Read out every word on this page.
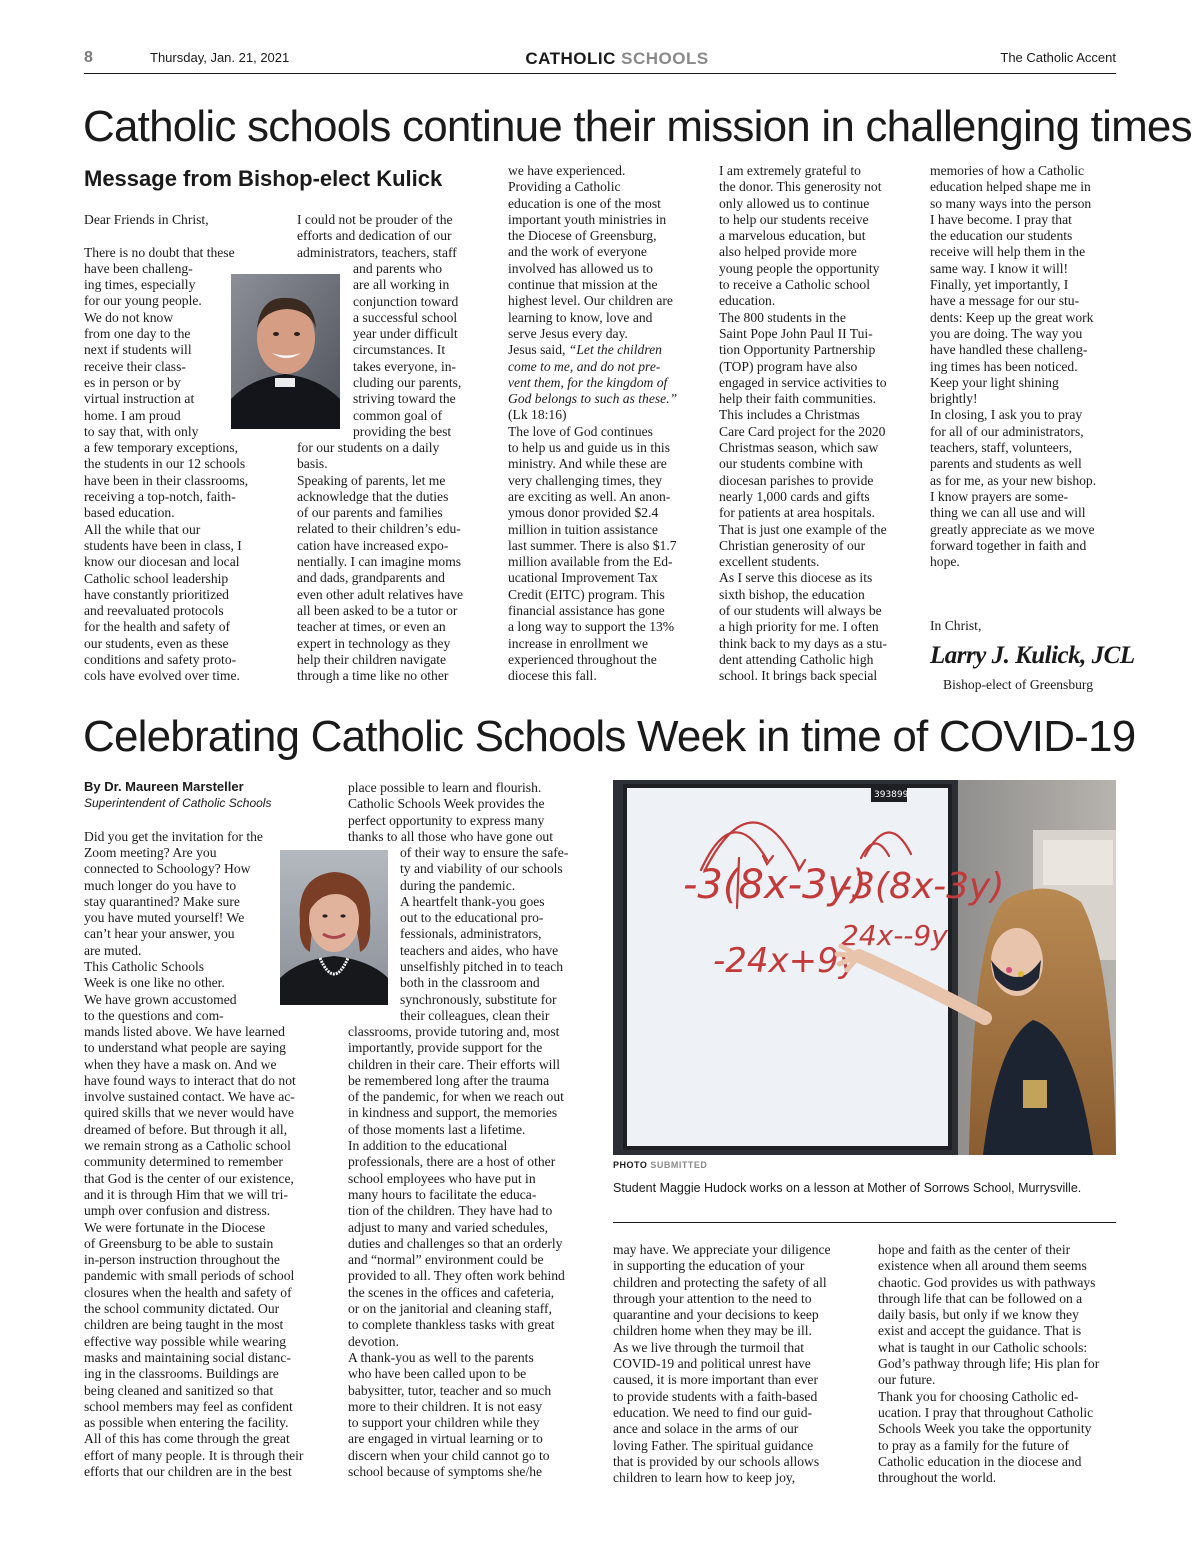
8	Thursday, Jan. 21, 2021	CATHOLIC SCHOOLS	The Catholic Accent
Catholic schools continue their mission in challenging times
Message from Bishop-elect Kulick
Dear Friends in Christ,

There is no doubt that these
have been challeng-
ing times, especially
for our young people.
We do not know
from one day to the
next if students will
receive their class-
es in person or by
virtual instruction at
home. I am proud
to say that, with only
a few temporary exceptions,
the students in our 12 schools
have been in their classrooms,
receiving a top-notch, faith-
based education.
All the while that our
students have been in class, I
know our diocesan and local
Catholic school leadership
have constantly prioritized
and reevaluated protocols
for the health and safety of
our students, even as these
conditions and safety proto-
cols have evolved over time.
I could not be prouder of the
efforts and dedication of our
administrators, teachers, staff
and parents who
are all working in
conjunction toward
a successful school
year under difficult
circumstances. It
takes everyone, in-
cluding our parents,
striving toward the
common goal of
providing the best
for our students on a daily
basis.
Speaking of parents, let me
acknowledge that the duties
of our parents and families
related to their children’s edu-
cation have increased expo-
nentially. I can imagine moms
and dads, grandparents and
even other adult relatives have
all been asked to be a tutor or
teacher at times, or even an
expert in technology as they
help their children navigate
through a time like no other
we have experienced.
Providing a Catholic
education is one of the most
important youth ministries in
the Diocese of Greensburg,
and the work of everyone
involved has allowed us to
continue that mission at the
highest level. Our children are
learning to know, love and
serve Jesus every day.
Jesus said, “Let the children
come to me, and do not pre-
vent them, for the kingdom of
God belongs to such as these.”
(Lk 18:16)
The love of God continues
to help us and guide us in this
ministry. And while these are
very challenging times, they
are exciting as well. An anon-
ymous donor provided $2.4
million in tuition assistance
last summer. There is also $1.7
million available from the Ed-
ucational Improvement Tax
Credit (EITC) program. This
financial assistance has gone
a long way to support the 13%
increase in enrollment we
experienced throughout the
diocese this fall.
I am extremely grateful to
the donor. This generosity not
only allowed us to continue
to help our students receive
a marvelous education, but
also helped provide more
young people the opportunity
to receive a Catholic school
education.
The 800 students in the
Saint Pope John Paul II Tui-
tion Opportunity Partnership
(TOP) program have also
engaged in service activities to
help their faith communities.
This includes a Christmas
Care Card project for the 2020
Christmas season, which saw
our students combine with
diocesan parishes to provide
nearly 1,000 cards and gifts
for patients at area hospitals.
That is just one example of the
Christian generosity of our
excellent students.
As I serve this diocese as its
sixth bishop, the education
of our students will always be
a high priority for me. I often
think back to my days as a stu-
dent attending Catholic high
school. It brings back special
memories of how a Catholic
education helped shape me in
so many ways into the person
I have become. I pray that
the education our students
receive will help them in the
same way. I know it will!
Finally, yet importantly, I
have a message for our stu-
dents: Keep up the great work
you are doing. The way you
have handled these challeng-
ing times has been noticed.
Keep your light shining
brightly!
In closing, I ask you to pray
for all of our administrators,
teachers, staff, volunteers,
parents and students as well
as for me, as your new bishop.
I know prayers are some-
thing we can all use and will
greatly appreciate as we move
forward together in faith and
hope.
In Christ,
Larry J. Kulick, JCL
Bishop-elect of Greensburg
Celebrating Catholic Schools Week in time of COVID-19
By Dr. Maureen Marsteller
Superintendent of Catholic Schools
Did you get the invitation for the
Zoom meeting? Are you
connected to Schoology? How
much longer do you have to
stay quarantined? Make sure
you have muted yourself! We
can’t hear your answer, you
are muted.
This Catholic Schools
Week is one like no other.
We have grown accustomed
to the questions and com-
mands listed above. We have learned
to understand what people are saying
when they have a mask on. And we
have found ways to interact that do not
involve sustained contact. We have ac-
quired skills that we never would have
dreamed of before. But through it all,
we remain strong as a Catholic school
community determined to remember
that God is the center of our existence,
and it is through Him that we will tri-
umph over confusion and distress.
We were fortunate in the Diocese
of Greensburg to be able to sustain
in-person instruction throughout the
pandemic with small periods of school
closures when the health and safety of
the school community dictated. Our
children are being taught in the most
effective way possible while wearing
masks and maintaining social distanc-
ing in the classrooms. Buildings are
being cleaned and sanitized so that
school members may feel as confident
as possible when entering the facility.
All of this has come through the great
effort of many people. It is through their
efforts that our children are in the best
place possible to learn and flourish.
Catholic Schools Week provides the
perfect opportunity to express many
thanks to all those who have gone out
of their way to ensure the safe-
ty and viability of our schools
during the pandemic.
A heartfelt thank-you goes
out to the educational pro-
fessionals, administrators,
teachers and aides, who have
unselfishly pitched in to teach
both in the classroom and
synchronously, substitute for
their colleagues, clean their
classrooms, provide tutoring and, most
importantly, provide support for the
children in their care. Their efforts will
be remembered long after the trauma
of the pandemic, for when we reach out
in kindness and support, the memories
of those moments last a lifetime.
In addition to the educational
professionals, there are a host of other
school employees who have put in
many hours to facilitate the educa-
tion of the children. They have had to
adjust to many and varied schedules,
duties and challenges so that an orderly
and “normal” environment could be
provided to all. They often work behind
the scenes in the offices and cafeteria,
or on the janitorial and cleaning staff,
to complete thankless tasks with great
devotion.
A thank-you as well to the parents
who have been called upon to be
babysitter, tutor, teacher and so much
more to their children. It is not easy
to support your children while they
are engaged in virtual learning or to
discern when your child cannot go to
school because of symptoms she/he
393899
-3(8x-3y)
-3(8x-3y)
-24x+9y
24x--9y
PHOTO SUBMITTED
Student Maggie Hudock works on a lesson at Mother of Sorrows School, Murrysville.
may have. We appreciate your diligence
in supporting the education of your
children and protecting the safety of all
through your attention to the need to
quarantine and your decisions to keep
children home when they may be ill.
As we live through the turmoil that
COVID-19 and political unrest have
caused, it is more important than ever
to provide students with a faith-based
education. We need to find our guid-
ance and solace in the arms of our
loving Father. The spiritual guidance
that is provided by our schools allows
children to learn how to keep joy,
hope and faith as the center of their
existence when all around them seems
chaotic. God provides us with pathways
through life that can be followed on a
daily basis, but only if we know they
exist and accept the guidance. That is
what is taught in our Catholic schools:
God’s pathway through life; His plan for
our future.
Thank you for choosing Catholic ed-
ucation. I pray that throughout Catholic
Schools Week you take the opportunity
to pray as a family for the future of
Catholic education in the diocese and
throughout the world.
